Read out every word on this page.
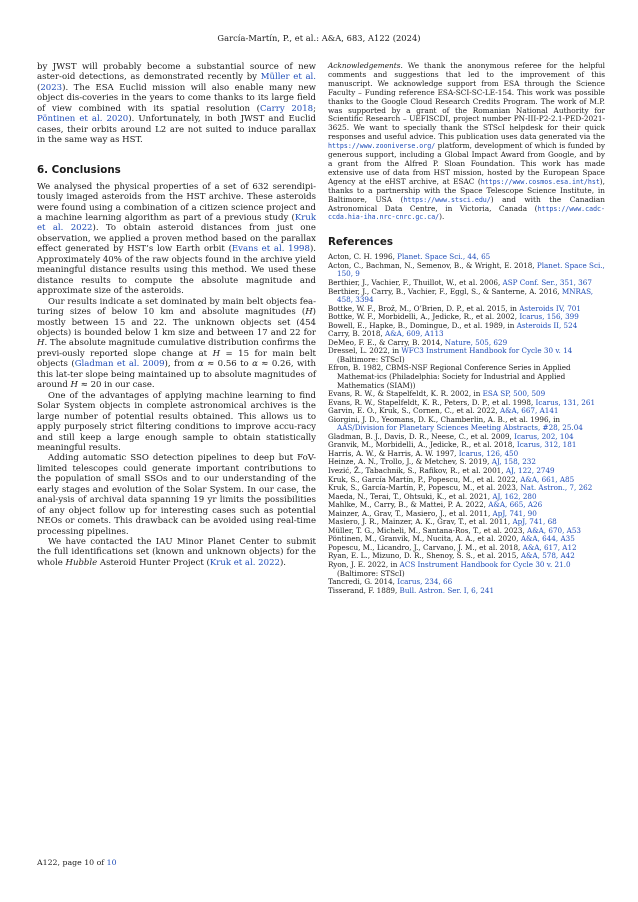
García-Martín, P., et al.: A&A, 683, A122 (2024)

by JWST will probably become a substantial source of new aster-oid detections, as demonstrated recently by Müller et al. (2023). The ESA Euclid mission will also enable many new object dis-coveries in the years to come thanks to its large field of view combined with its spatial resolution (Carry 2018; Pöntinen et al. 2020). Unfortunately, in both JWST and Euclid cases, their orbits around L2 are not suited to induce parallax in the same way as HST.

6. Conclusions

We analysed the physical properties of a set of 632 serendipi-tously imaged asteroids from the HST archive. These asteroids were found using a combination of a citizen science project and a machine learning algorithm as part of a previous study (Kruk et al. 2022). To obtain asteroid distances from just one observation, we applied a proven method based on the parallax effect generated by HST’s low Earth orbit (Evans et al. 1998). Approximately 40% of the raw objects found in the archive yield meaningful distance results using this method. We used these distance results to compute the absolute magnitude and approximate size of the asteroids.

Our results indicate a set dominated by main belt objects fea-turing sizes of below 10 km and absolute magnitudes (H) mostly between 15 and 22. The unknown objects set (454 objects) is bounded below 1 km size and between 17 and 22 for H. The absolute magnitude cumulative distribution confirms the previ-ously reported slope change at H = 15 for main belt objects (Gladman et al. 2009), from α ≈ 0.56 to α ≈ 0.26, with this lat-ter slope being maintained up to absolute magnitudes of around H ≈ 20 in our case.

One of the advantages of applying machine learning to find Solar System objects in complete astronomical archives is the large number of potential results obtained. This allows us to apply purposely strict filtering conditions to improve accu-racy and still keep a large enough sample to obtain statistically meaningful results.

Adding automatic SSO detection pipelines to deep but FoV-limited telescopes could generate important contributions to the population of small SSOs and to our understanding of the early stages and evolution of the Solar System. In our case, the anal-ysis of archival data spanning 19 yr limits the possibilities of any object follow up for interesting cases such as potential NEOs or comets. This drawback can be avoided using real-time processing pipelines.

We have contacted the IAU Minor Planet Center to submit the full identifications set (known and unknown objects) for the whole Hubble Asteroid Hunter Project (Kruk et al. 2022).

Acknowledgements. We thank the anonymous referee for the helpful comments and suggestions that led to the improvement of this manuscript. We acknowledge support from ESA through the Science Faculty – Funding reference ESA-SCI-SC-LE-154. This work was possible thanks to the Google Cloud Research Credits Program. The work of M.P. was supported by a grant of the Romanian National Authority for Scientific Research – UEFISCDI, project number PN-III-P2-2.1-PED-2021-3625. We want to specially thank the STScI helpdesk for their quick responses and useful advice. This publication uses data generated via the https://www.zooniverse.org/ platform, development of which is funded by generous support, including a Global Impact Award from Google, and by a grant from the Alfred P. Sloan Foundation. This work has made extensive use of data from HST mission, hosted by the European Space Agency at the eHST archive, at ESAC (https://www.cosmos.esa.int/hst), thanks to a partnership with the Space Telescope Science Institute, in Baltimore, USA (https://www.stsci.edu/) and with the Canadian Astronomical Data Centre, in Victoria, Canada (https://www.cadc-ccda.hia-iha.nrc-cnrc.gc.ca/).

References

Acton, C. H. 1996, Planet. Space Sci., 44, 65

Acton, C., Bachman, N., Semenov, B., & Wright, E. 2018, Planet. Space Sci., 150, 9

Berthier, J., Vachier, F., Thuillot, W., et al. 2006, ASP Conf. Ser., 351, 367

Berthier, J., Carry, B., Vachier, F., Eggl, S., & Santerne, A. 2016, MNRAS, 458, 3394

Bottke, W. F., Brož, M., O’Brien, D. P., et al. 2015, in Asteroids IV, 701

Bottke, W. F., Morbidelli, A., Jedicke, R., et al. 2002, Icarus, 156, 399

Bowell, E., Hapke, B., Domingue, D., et al. 1989, in Asteroids II, 524

Carry, B. 2018, A&A, 609, A113

DeMeo, F. E., & Carry, B. 2014, Nature, 505, 629

Dressel, L. 2022, in WFC3 Instrument Handbook for Cycle 30 v. 14 (Baltimore: STScI)

Efron, B. 1982, CBMS-NSF Regional Conference Series in Applied Mathemat-ics (Philadelphia: Society for Industrial and Applied Mathematics (SIAM))

Evans, R. W., & Stapelfeldt, K. R. 2002, in ESA SP, 500, 509

Evans, R. W., Stapelfeldt, K. R., Peters, D. P., et al. 1998, Icarus, 131, 261

Garvin, E. O., Kruk, S., Cornen, C., et al. 2022, A&A, 667, A141

Giorgini, J. D., Yeomans, D. K., Chamberlin, A. B., et al. 1996, in AAS/Division for Planetary Sciences Meeting Abstracts, #28, 25.04

Gladman, B. J., Davis, D. R., Neese, C., et al. 2009, Icarus, 202, 104

Granvik, M., Morbidelli, A., Jedicke, R., et al. 2018, Icarus, 312, 181

Harris, A. W., & Harris, A. W. 1997, Icarus, 126, 450

Heinze, A. N., Trollo, J., & Metchev, S. 2019, AJ, 158, 232

Ivezić, Ž., Tabachnik, S., Rafikov, R., et al. 2001, AJ, 122, 2749

Kruk, S., García Martín, P., Popescu, M., et al. 2022, A&A, 661, A85

Kruk, S., García-Martín, P., Popescu, M., et al. 2023, Nat. Astron., 7, 262

Maeda, N., Terai, T., Ohtsuki, K., et al. 2021, AJ, 162, 280

Mahlke, M., Carry, B., & Mattei, P. A. 2022, A&A, 665, A26

Mainzer, A., Grav, T., Masiero, J., et al. 2011, ApJ, 741, 90

Masiero, J. R., Mainzer, A. K., Grav, T., et al. 2011, ApJ, 741, 68

Müller, T. G., Micheli, M., Santana-Ros, T., et al. 2023, A&A, 670, A53

Pöntinen, M., Granvik, M., Nucita, A. A., et al. 2020, A&A, 644, A35

Popescu, M., Licandro, J., Carvano, J. M., et al. 2018, A&A, 617, A12

Ryan, E. L., Mizuno, D. R., Shenoy, S. S., et al. 2015, A&A, 578, A42

Ryon, J. E. 2022, in ACS Instrument Handbook for Cycle 30 v. 21.0 (Baltimore: STScI)

Tancredi, G. 2014, Icarus, 234, 66

Tisserand, F. 1889, Bull. Astron. Ser. I, 6, 241

A122, page 10 of 10
